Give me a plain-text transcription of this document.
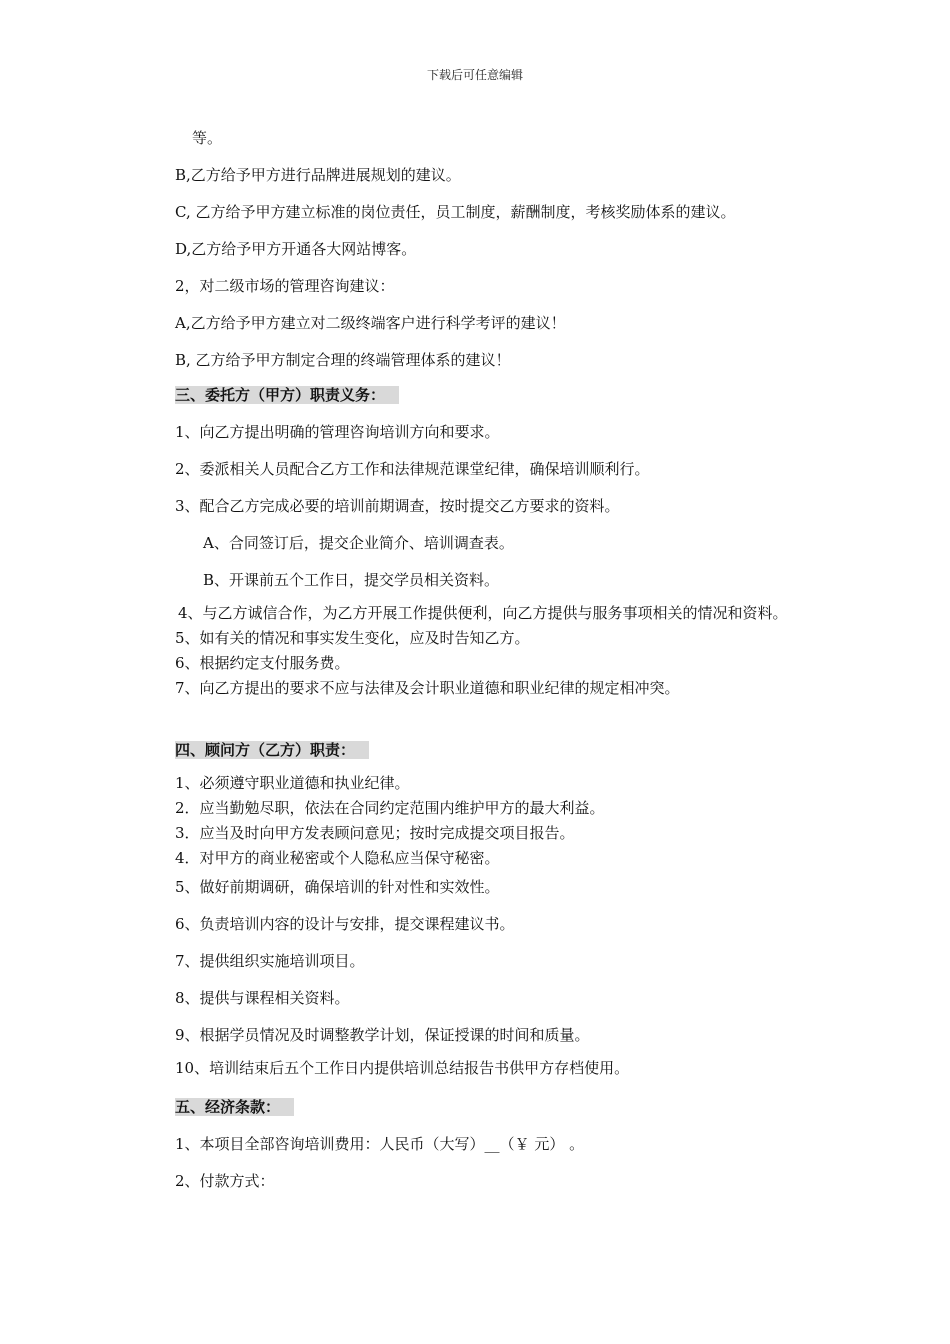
下载后可任意编辑
等。
B,乙方给予甲方进行品牌进展规划的建议。
C, 乙方给予甲方建立标准的岗位责任，员工制度，薪酬制度，考核奖励体系的建议。
D,乙方给予甲方开通各大网站博客。
2，对二级市场的管理咨询建议：
A,乙方给予甲方建立对二级终端客户进行科学考评的建议！
B, 乙方给予甲方制定合理的终端管理体系的建议！
三、委托方（甲方）职责义务：
1、向乙方提出明确的管理咨询培训方向和要求。
2、委派相关人员配合乙方工作和法律规范课堂纪律，确保培训顺利行。
3、配合乙方完成必要的培训前期调查，按时提交乙方要求的资料。
A、合同签订后，提交企业简介、培训调查表。
B、开课前五个工作日，提交学员相关资料。
4、与乙方诚信合作，为乙方开展工作提供便利，向乙方提供与服务事项相关的情况和资料。
5、如有关的情况和事实发生变化，应及时告知乙方。
6、根据约定支付服务费。
7、向乙方提出的要求不应与法律及会计职业道德和职业纪律的规定相冲突。
四、顾问方（乙方）职责：
1、必须遵守职业道德和执业纪律。
2．应当勤勉尽职，依法在合同约定范围内维护甲方的最大利益。
3．应当及时向甲方发表顾问意见；按时完成提交项目报告。
4．对甲方的商业秘密或个人隐私应当保守秘密。
5、做好前期调研，确保培训的针对性和实效性。
6、负责培训内容的设计与安排，提交课程建议书。
7、提供组织实施培训项目。
8、提供与课程相关资料。
9、根据学员情况及时调整教学计划，保证授课的时间和质量。
10、培训结束后五个工作日内提供培训总结报告书供甲方存档使用。
五、经济条款：
1、本项目全部咨询培训费用：人民币（大写）__（￥ 元） 。
2、付款方式：
